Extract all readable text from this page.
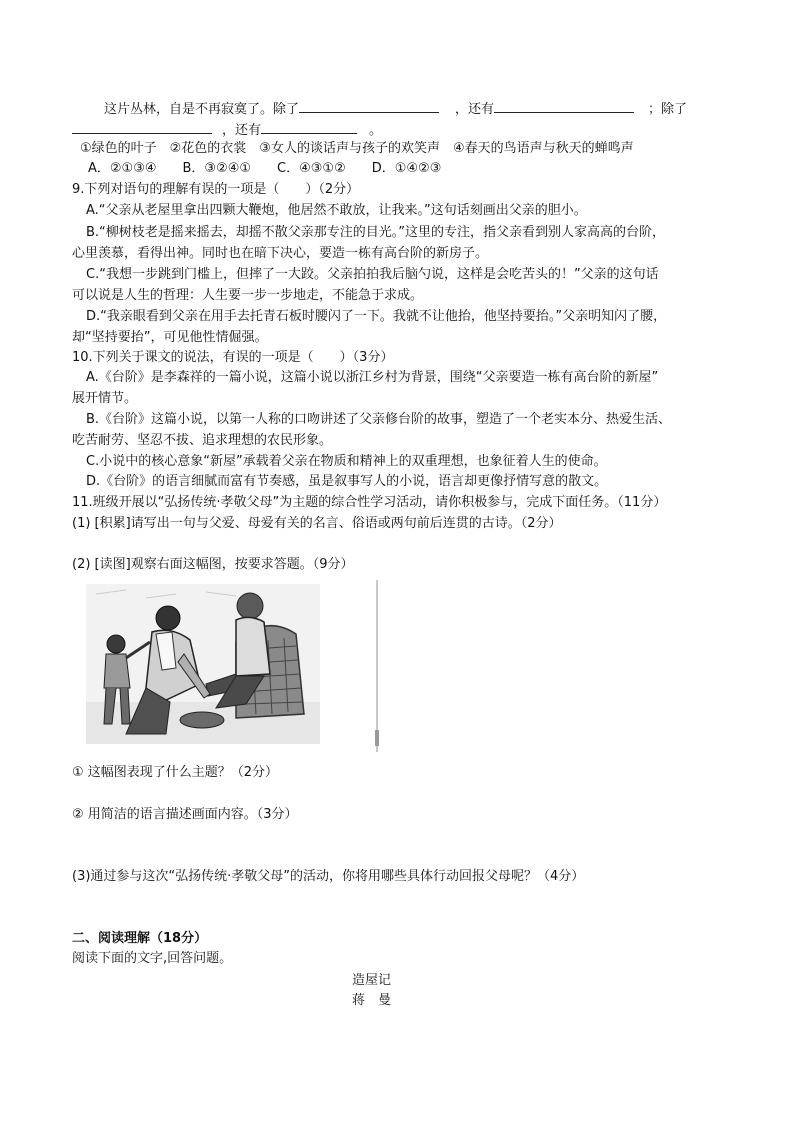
这片丛林，自是不再寂寞了。除了	，还有	；除了
，还有	。
①绿色的叶子　②花色的衣裳　③女人的谈话声与孩子的欢笑声　④春天的鸟语声与秋天的蝉鸣声
A．②①③④　　B．③②④①　　C．④③①②　　D．①④②③
9.下列对语句的理解有误的一项是（　　）（2分）
A.“父亲从老屋里拿出四颗大鞭炮，他居然不敢放，让我来。”这句话刻画出父亲的胆小。
B.“柳树枝老是摇来摇去，却摇不散父亲那专注的目光。”这里的专注，指父亲看到别人家高高的台阶，
心里羡慕，看得出神。同时也在暗下决心，要造一栋有高台阶的新房子。
C.“我想一步跳到门槛上，但摔了一大跤。父亲拍拍我后脑勺说，这样是会吃苦头的！”父亲的这句话
可以说是人生的哲理：人生要一步一步地走，不能急于求成。
D.“我亲眼看到父亲在用手去托青石板时腰闪了一下。我就不让他抬，他坚持要抬。”父亲明知闪了腰，
却“坚持要抬”，可见他性情倔强。
10.下列关于课文的说法，有误的一项是（　　）（3分）
A.《台阶》是李森祥的一篇小说，这篇小说以浙江乡村为背景，围绕“父亲要造一栋有高台阶的新屋”
展开情节。
B.《台阶》这篇小说，以第一人称的口吻讲述了父亲修台阶的故事，塑造了一个老实本分、热爱生活、
吃苦耐劳、坚忍不拔、追求理想的农民形象。
C.小说中的核心意象“新屋”承载着父亲在物质和精神上的双重理想，也象征着人生的使命。
D.《台阶》的语言细腻而富有节奏感，虽是叙事写人的小说，语言却更像抒情写意的散文。
11.班级开展以“弘扬传统·孝敬父母”为主题的综合性学习活动，请你积极参与，完成下面任务。（11分）
(1) [积累]请写出一句与父爱、母爱有关的名言、俗语或两句前后连贯的古诗。（2分）
(2) [读图]观察右面这幅图，按要求答题。（9分）
① 这幅图表现了什么主题？（2分）
② 用简洁的语言描述画面内容。（3分）
(3)通过参与这次“弘扬传统·孝敬父母”的活动，你将用哪些具体行动回报父母呢？（4分）
二、阅读理解（18分）
阅读下面的文字,回答问题。
造屋记
蒋　曼
